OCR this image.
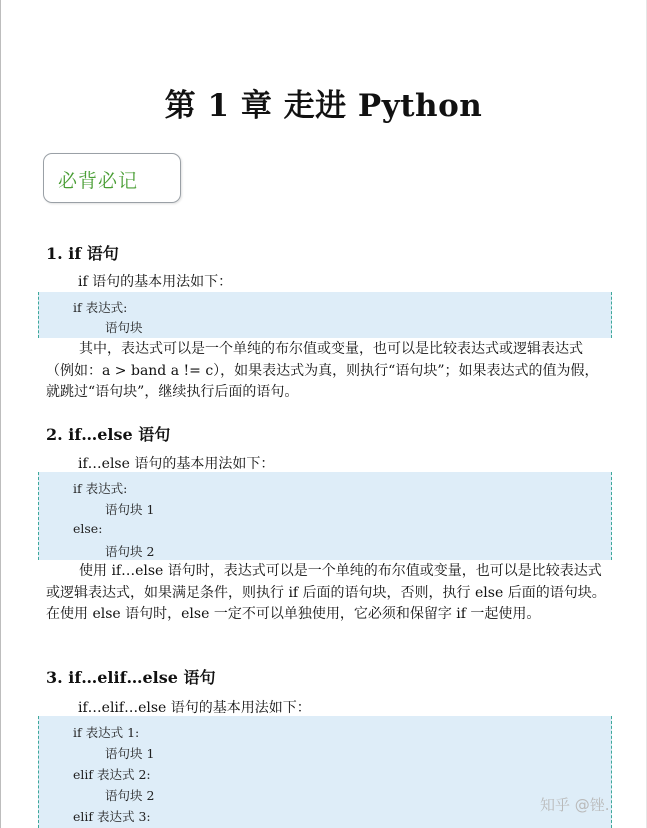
第 1 章 走进 Python
必背必记
1. if 语句
if 语句的基本用法如下：
if 表达式:
语句块
其中，表达式可以是一个单纯的布尔值或变量，也可以是比较表达式或逻辑表达式（例如：a > band a != c），如果表达式为真，则执行“语句块”；如果表达式的值为假，就跳过“语句块”，继续执行后面的语句。
2. if…else 语句
if…else 语句的基本用法如下：
if 表达式:
语句块 1
else:
语句块 2
使用 if…else 语句时，表达式可以是一个单纯的布尔值或变量，也可以是比较表达式或逻辑表达式，如果满足条件，则执行 if 后面的语句块，否则，执行 else 后面的语句块。在使用 else 语句时，else 一定不可以单独使用，它必须和保留字 if 一起使用。
3. if…elif…else 语句
if…elif…else 语句的基本用法如下：
if 表达式 1:
语句块 1
elif 表达式 2:
语句块 2
elif 表达式 3:
知乎 @锉.
